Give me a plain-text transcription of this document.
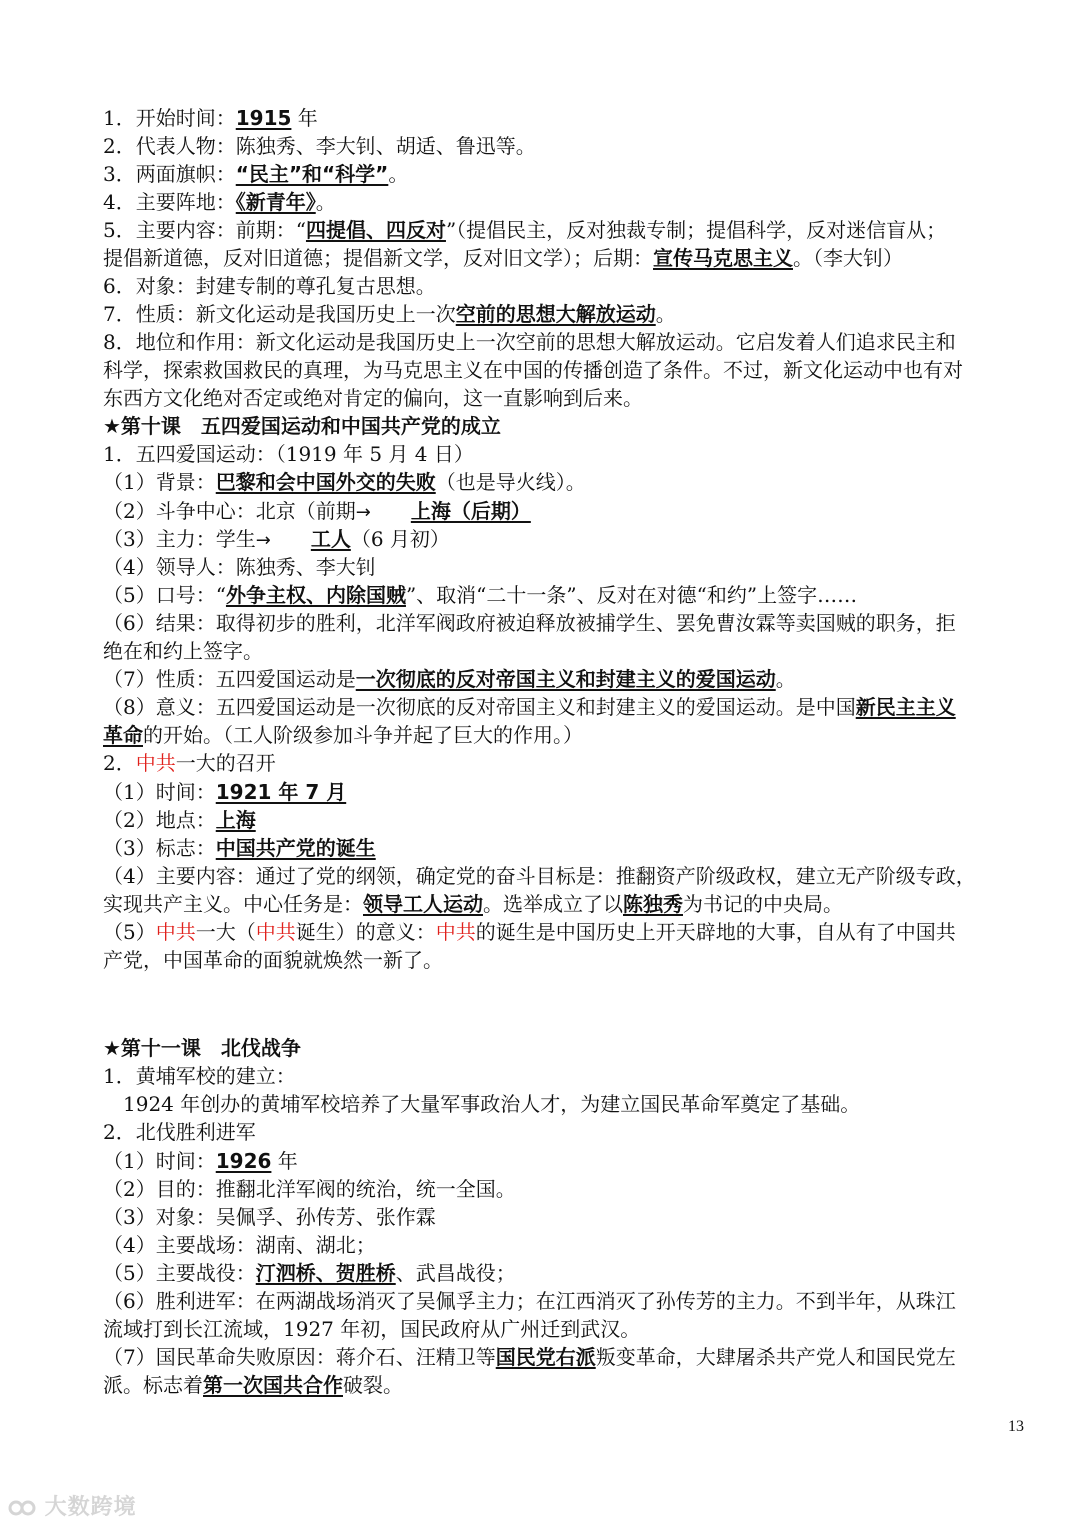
1．开始时间：1915 年
2．代表人物：陈独秀、李大钊、胡适、鲁迅等。
3．两面旗帜：“民主”和“科学”。
4．主要阵地：《新青年》。
5．主要内容：前期：“四提倡、四反对”（提倡民主，反对独裁专制；提倡科学，反对迷信盲从；
提倡新道德，反对旧道德；提倡新文学，反对旧文学）；后期：宣传马克思主义。（李大钊）
6．对象：封建专制的尊孔复古思想。
7．性质：新文化运动是我国历史上一次空前的思想大解放运动。
8．地位和作用：新文化运动是我国历史上一次空前的思想大解放运动。它启发着人们追求民主和
科学，探索救国救民的真理，为马克思主义在中国的传播创造了条件。不过，新文化运动中也有对
东西方文化绝对否定或绝对肯定的偏向，这一直影响到后来。
★第十课　五四爱国运动和中国共产党的成立
1．五四爱国运动：（1919 年 5 月 4 日）
（1）背景：巴黎和会中国外交的失败（也是导火线）。
（2）斗争中心：北京（前期→　　 上海（后期）
（3）主力：学生→　　 工人（6 月初）
（4）领导人：陈独秀、李大钊
（5）口号：“外争主权、内除国贼”、取消“二十一条”、反对在对德“和约”上签字……
（6）结果：取得初步的胜利，北洋军阀政府被迫释放被捕学生、罢免曹汝霖等卖国贼的职务，拒
绝在和约上签字。
（7）性质：五四爱国运动是一次彻底的反对帝国主义和封建主义的爱国运动。
（8）意义：五四爱国运动是一次彻底的反对帝国主义和封建主义的爱国运动。是中国新民主主义
革命的开始。（工人阶级参加斗争并起了巨大的作用。）
2．中共一大的召开
（1）时间：1921 年 7 月
（2）地点：上海
（3）标志：中国共产党的诞生
（4）主要内容：通过了党的纲领，确定党的奋斗目标是：推翻资产阶级政权，建立无产阶级专政，
实现共产主义。中心任务是：领导工人运动。选举成立了以陈独秀为书记的中央局。
（5）中共一大（中共诞生）的意义：中共的诞生是中国历史上开天辟地的大事，自从有了中国共
产党，中国革命的面貌就焕然一新了。
★第十一课　北伐战争
1．黄埔军校的建立：
　1924 年创办的黄埔军校培养了大量军事政治人才，为建立国民革命军奠定了基础。
2．北伐胜利进军
（1）时间：1926 年
（2）目的：推翻北洋军阀的统治，统一全国。
（3）对象：吴佩孚、孙传芳、张作霖
（4）主要战场：湖南、湖北；
（5）主要战役：汀泗桥、贺胜桥、武昌战役；
（6）胜利进军：在两湖战场消灭了吴佩孚主力；在江西消灭了孙传芳的主力。不到半年，从珠江
流域打到长江流域，1927 年初，国民政府从广州迁到武汉。
（7）国民革命失败原因：蒋介石、汪精卫等国民党右派叛变革命，大肆屠杀共产党人和国民党左
派。标志着第一次国共合作破裂。
13
大数跨境
